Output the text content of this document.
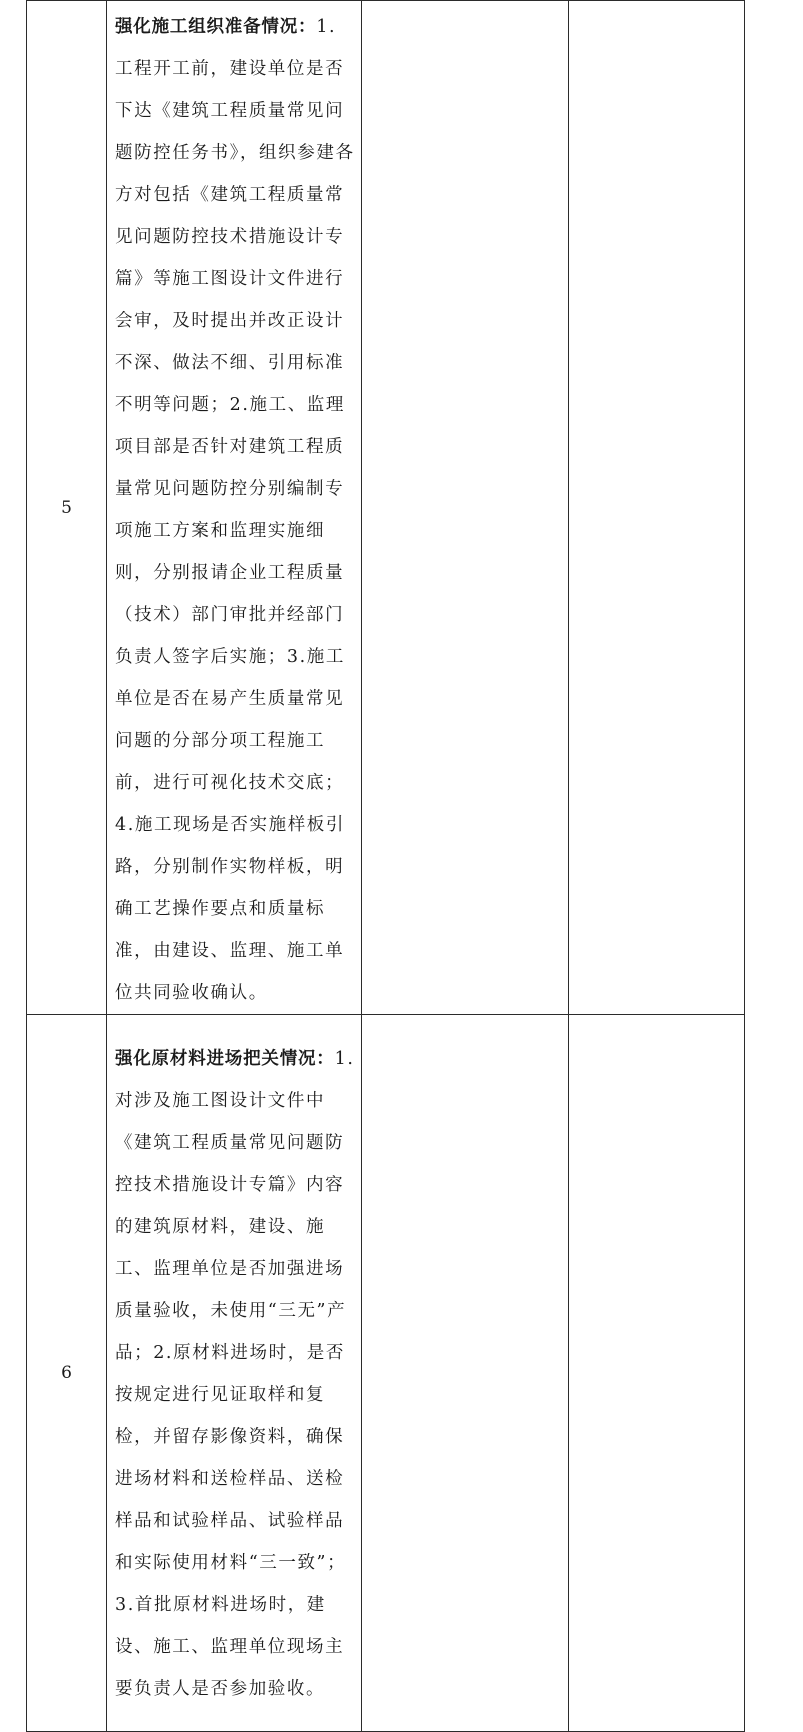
5	强化施工组织准备情况：1.工程开工前，建设单位是否下达《建筑工程质量常见问题防控任务书》，组织参建各方对包括《建筑工程质量常见问题防控技术措施设计专篇》等施工图设计文件进行会审，及时提出并改正设计不深、做法不细、引用标准不明等问题；2.施工、监理项目部是否针对建筑工程质量常见问题防控分别编制专项施工方案和监理实施细则，分别报请企业工程质量（技术）部门审批并经部门负责人签字后实施；3.施工单位是否在易产生质量常见问题的分部分项工程施工前，进行可视化技术交底；4.施工现场是否实施样板引路，分别制作实物样板，明确工艺操作要点和质量标准，由建设、监理、施工单位共同验收确认。		

6	强化原材料进场把关情况：1.对涉及施工图设计文件中《建筑工程质量常见问题防控技术措施设计专篇》内容的建筑原材料，建设、施工、监理单位是否加强进场质量验收，未使用“三无”产品；2.原材料进场时，是否按规定进行见证取样和复检，并留存影像资料，确保进场材料和送检样品、送检样品和试验样品、试验样品和实际使用材料“三一致”；3.首批原材料进场时，建设、施工、监理单位现场主要负责人是否参加验收。		
